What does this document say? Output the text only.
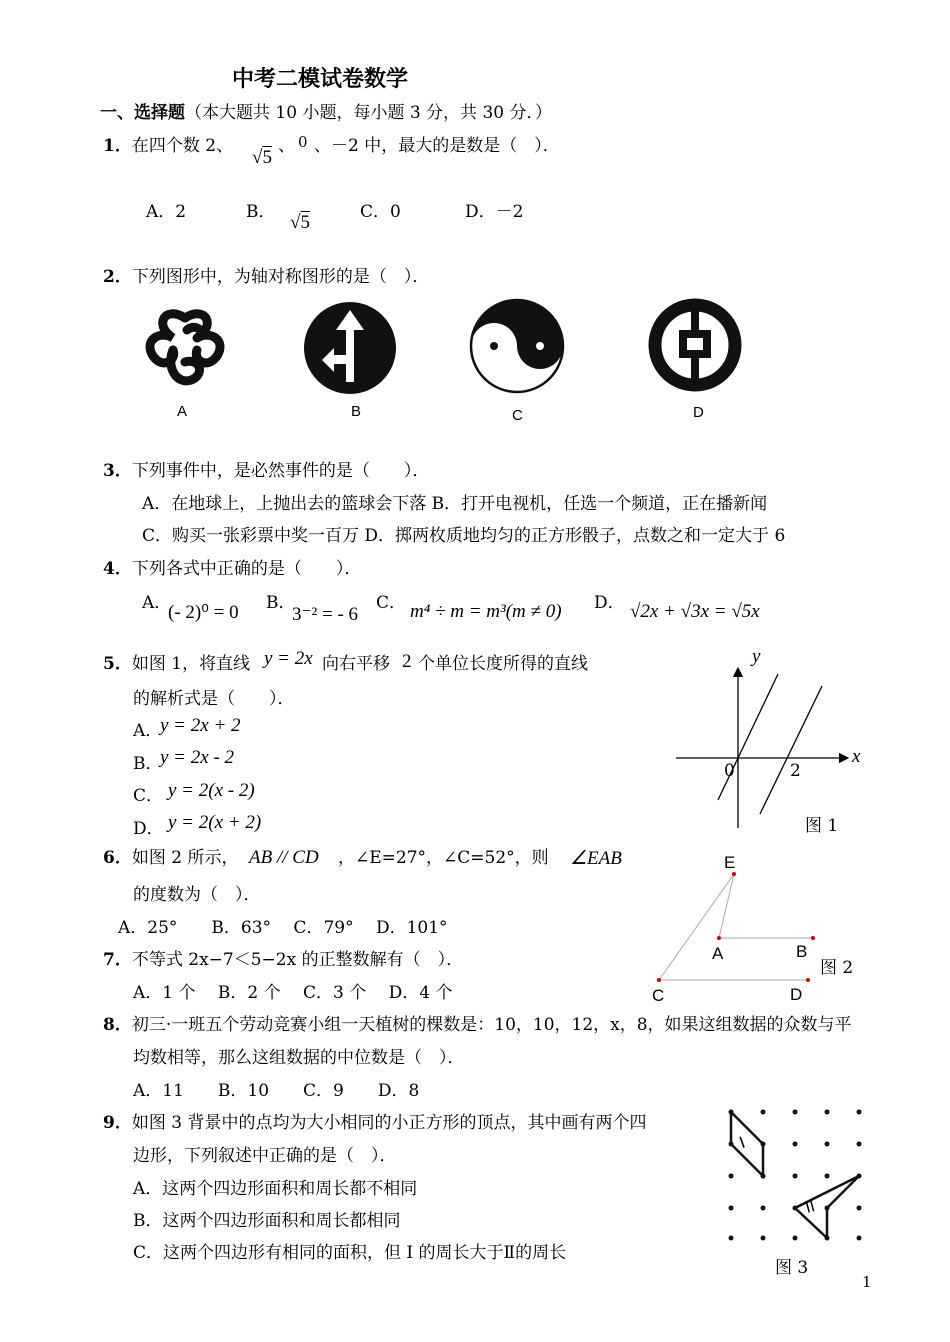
中考二模试卷数学
一、选择题（本大题共 10 小题，每小题 3 分，共 30 分．）
1．在四个数 2、
√5
、 0 、－2 中，最大的是数是（　）．
A．2	B． √5	C．0	D．－2
2．下列图形中，为轴对称图形的是（　）．
A	B	C	D
3．下列事件中，是必然事件的是（　　）．
A．在地球上，上抛出去的篮球会下落 B．打开电视机，任选一个频道，正在播新闻
C．购买一张彩票中奖一百万 D．掷两枚质地均匀的正方形骰子，点数之和一定大于 6
4．下列各式中正确的是（　　）．
A．
(- 2)⁰ = 0 B．
3⁻² = - 6
C． m⁴ ÷ m = m³(m ≠ 0) D． √2x + √3x = √5x
5．如图 1，将直线 y = 2x 向右平移 2 个单位长度所得的直线
的解析式是（　　）．
A．
y = 2x + 2
B．
y = 2x - 2
C． y = 2(x - 2)
D． y = 2(x + 2)
y
x
0	2
图 1
6．如图 2 所示， AB // CD ，∠E=27°，∠C=52°，则 ∠EAB
的度数为（　）．
A．25°　　B．63°　 C．79°　 D．101°
E
A	B
C	D
图 2
7．不等式 2x−7＜5−2x 的正整数解有（　）．
A．1 个　 B．2 个　 C．3 个　 D．4 个
8．初三·一班五个劳动竞赛小组一天植树的棵数是：10，10，12，x，8，如果这组数据的众数与平
均数相等，那么这组数据的中位数是（　）．
A．11　　B．10　　C．9　　D．8
9．如图 3 背景中的点均为大小相同的小正方形的顶点，其中画有两个四
边形，下列叙述中正确的是（　）．
A．这两个四边形面积和周长都不相同
B．这两个四边形面积和周长都相同
C．这两个四边形有相同的面积，但 I 的周长大于Ⅱ的周长
I
II
图 3
1
